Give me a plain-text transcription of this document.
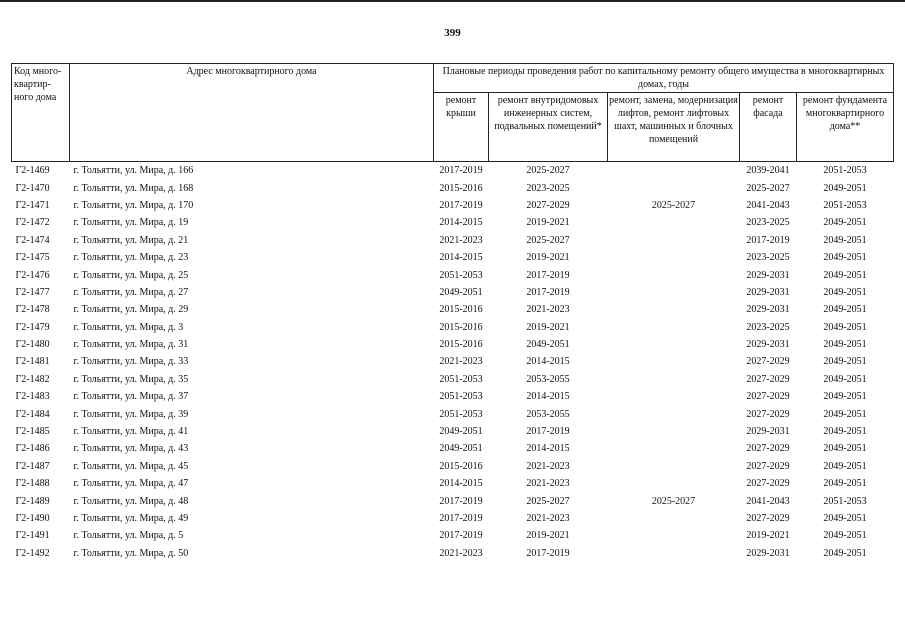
399
Код много-квартир-ного дома	Адрес многоквартирного дома	Плановые периоды проведения работ по капитальному ремонту общего имущества в многоквартирных домах, годы				
		ремонт крыши	ремонт внутридомовых инженерных систем, подвальных помещений*	ремонт, замена, модернизация лифтов, ремонт лифтовых шахт, машинных и блочных помещений	ремонт фасада	ремонт фундамента многоквартирного дома**
Г2-1469	г. Тольятти, ул. Мира, д. 166	2017-2019	2025-2027		2039-2041	2051-2053
Г2-1470	г. Тольятти, ул. Мира, д. 168	2015-2016	2023-2025		2025-2027	2049-2051
Г2-1471	г. Тольятти, ул. Мира, д. 170	2017-2019	2027-2029	2025-2027	2041-2043	2051-2053
Г2-1472	г. Тольятти, ул. Мира, д. 19	2014-2015	2019-2021		2023-2025	2049-2051
Г2-1474	г. Тольятти, ул. Мира, д. 21	2021-2023	2025-2027		2017-2019	2049-2051
Г2-1475	г. Тольятти, ул. Мира, д. 23	2014-2015	2019-2021		2023-2025	2049-2051
Г2-1476	г. Тольятти, ул. Мира, д. 25	2051-2053	2017-2019		2029-2031	2049-2051
Г2-1477	г. Тольятти, ул. Мира, д. 27	2049-2051	2017-2019		2029-2031	2049-2051
Г2-1478	г. Тольятти, ул. Мира, д. 29	2015-2016	2021-2023		2029-2031	2049-2051
Г2-1479	г. Тольятти, ул. Мира, д. 3	2015-2016	2019-2021		2023-2025	2049-2051
Г2-1480	г. Тольятти, ул. Мира, д. 31	2015-2016	2049-2051		2029-2031	2049-2051
Г2-1481	г. Тольятти, ул. Мира, д. 33	2021-2023	2014-2015		2027-2029	2049-2051
Г2-1482	г. Тольятти, ул. Мира, д. 35	2051-2053	2053-2055		2027-2029	2049-2051
Г2-1483	г. Тольятти, ул. Мира, д. 37	2051-2053	2014-2015		2027-2029	2049-2051
Г2-1484	г. Тольятти, ул. Мира, д. 39	2051-2053	2053-2055		2027-2029	2049-2051
Г2-1485	г. Тольятти, ул. Мира, д. 41	2049-2051	2017-2019		2029-2031	2049-2051
Г2-1486	г. Тольятти, ул. Мира, д. 43	2049-2051	2014-2015		2027-2029	2049-2051
Г2-1487	г. Тольятти, ул. Мира, д. 45	2015-2016	2021-2023		2027-2029	2049-2051
Г2-1488	г. Тольятти, ул. Мира, д. 47	2014-2015	2021-2023		2027-2029	2049-2051
Г2-1489	г. Тольятти, ул. Мира, д. 48	2017-2019	2025-2027	2025-2027	2041-2043	2051-2053
Г2-1490	г. Тольятти, ул. Мира, д. 49	2017-2019	2021-2023		2027-2029	2049-2051
Г2-1491	г. Тольятти, ул. Мира, д. 5	2017-2019	2019-2021		2019-2021	2049-2051
Г2-1492	г. Тольятти, ул. Мира, д. 50	2021-2023	2017-2019		2029-2031	2049-2051
